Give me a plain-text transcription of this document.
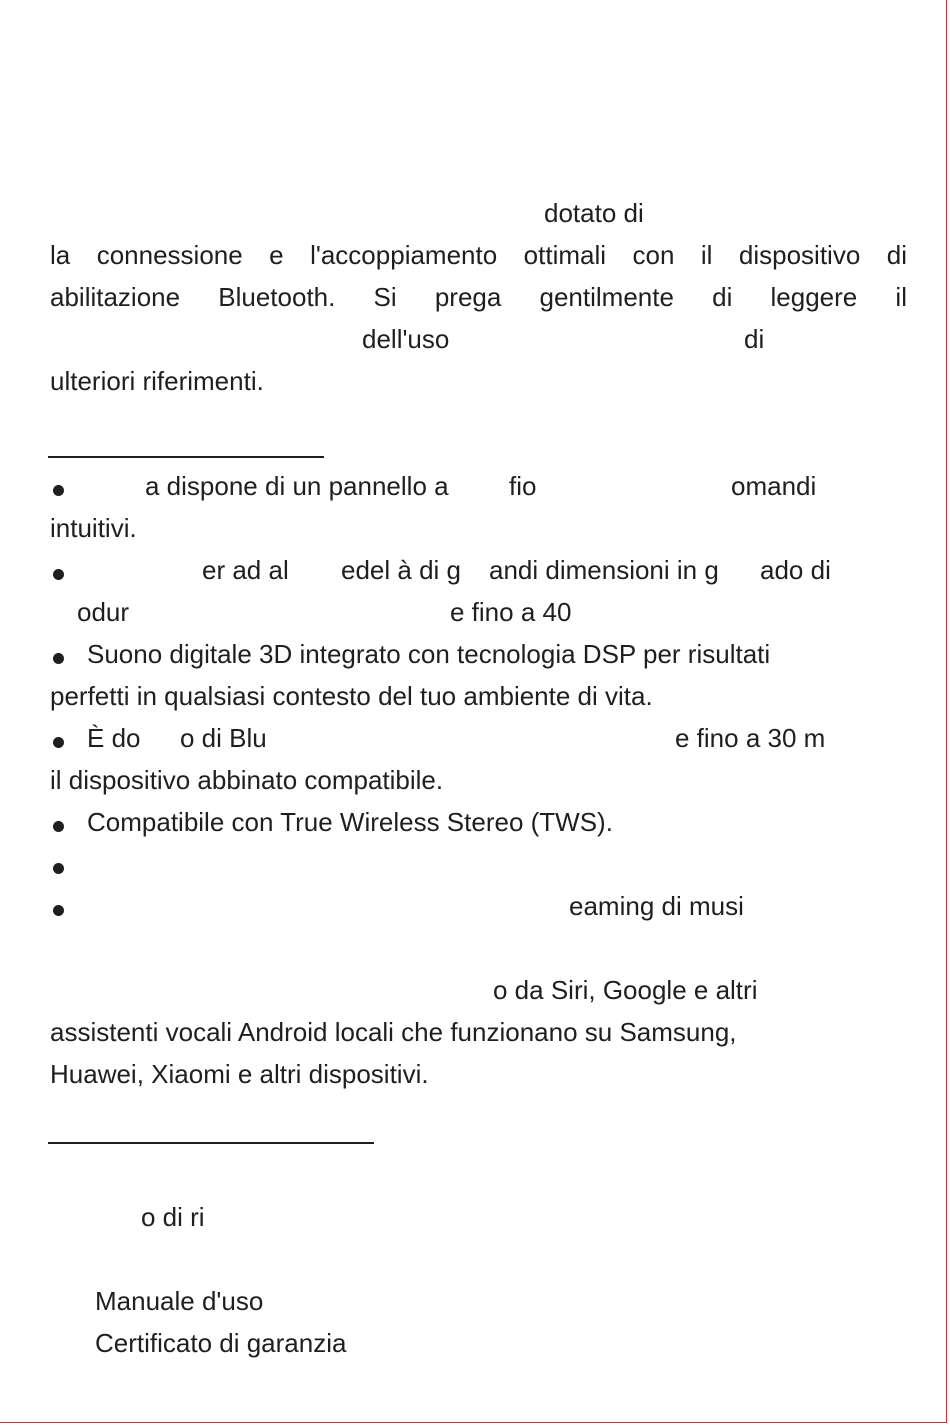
dotato di
la connessione e l'accoppiamento ottimali con il dispositivo di
abilitazione Bluetooth. Si prega gentilmente di leggere il
dell'uso	di
ulteriori riferimenti.
a dispone di un pannello a fio	omandi
intuitivi.
er ad al edel à di g andi dimensioni in g ado di
odur	e fino a 40
Suono digitale 3D integrato con tecnologia DSP per risultati
perfetti in qualsiasi contesto del tuo ambiente di vita.
È do o di Blu	e fino a 30 m
il dispositivo abbinato compatibile.
Compatibile con True Wireless Stereo (TWS).
eaming di musi
o da Siri, Google e altri
assistenti vocali Android locali che funzionano su Samsung,
Huawei, Xiaomi e altri dispositivi.
o di ri
Manuale d'uso
Certificato di garanzia
